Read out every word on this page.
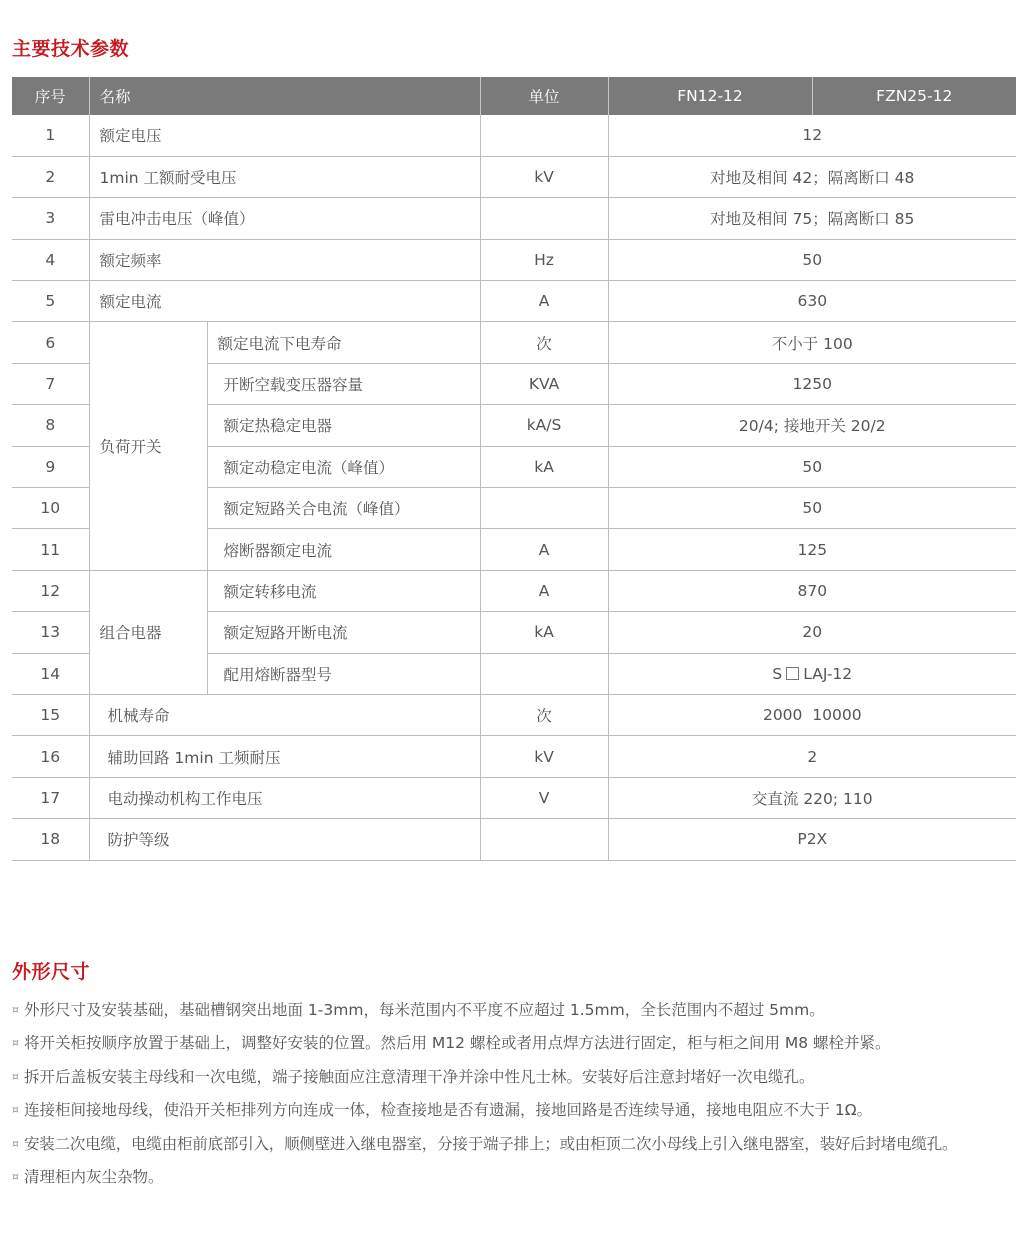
主要技术参数
序号	名称		单位	FN12-12	FZN25-12
1	额定电压			12	
2	1min 工额耐受电压		kV	对地及相间 42；隔离断口 48	
3	雷电冲击电压（峰值）			对地及相间 75；隔离断口 85	
4	额定频率		Hz	50	
5	额定电流		A	630	
6	负荷开关	额定电流下电寿命	次	不小于 100	
7		开断空载变压器容量	KVA	1250	
8		额定热稳定电器	kA/S	20/4; 接地开关 20/2	
9		额定动稳定电流（峰值）	kA	50	
10		额定短路关合电流（峰值）		50	
11		熔断器额定电流	A	125	
12	组合电器	额定转移电流	A	870	
13		额定短路开断电流	kA	20	
14		配用熔断器型号		S LAJ-12	
15	机械寿命		次	2000  10000	
16	辅助回路 1min 工频耐压		kV	2	
17	电动操动机构工作电压		V	交直流 220; 110	
18	防护等级			P2X	
外形尺寸
¤ 外形尺寸及安装基础，基础槽钢突出地面 1-3mm，每米范围内不平度不应超过 1.5mm，全长范围内不超过 5mm。
¤ 将开关柜按顺序放置于基础上，调整好安装的位置。然后用 M12 螺栓或者用点焊方法进行固定，柜与柜之间用 M8 螺栓并紧。
¤ 拆开后盖板安装主母线和一次电缆，端子接触面应注意清理干净并涂中性凡士林。安装好后注意封堵好一次电缆孔。
¤ 连接柜间接地母线，使沿开关柜排列方向连成一体，检查接地是否有遗漏，接地回路是否连续导通，接地电阻应不大于 1Ω。
¤ 安装二次电缆，电缆由柜前底部引入，顺侧壁进入继电器室，分接于端子排上；或由柜顶二次小母线上引入继电器室，装好后封堵电缆孔。
¤ 清理柜内灰尘杂物。
